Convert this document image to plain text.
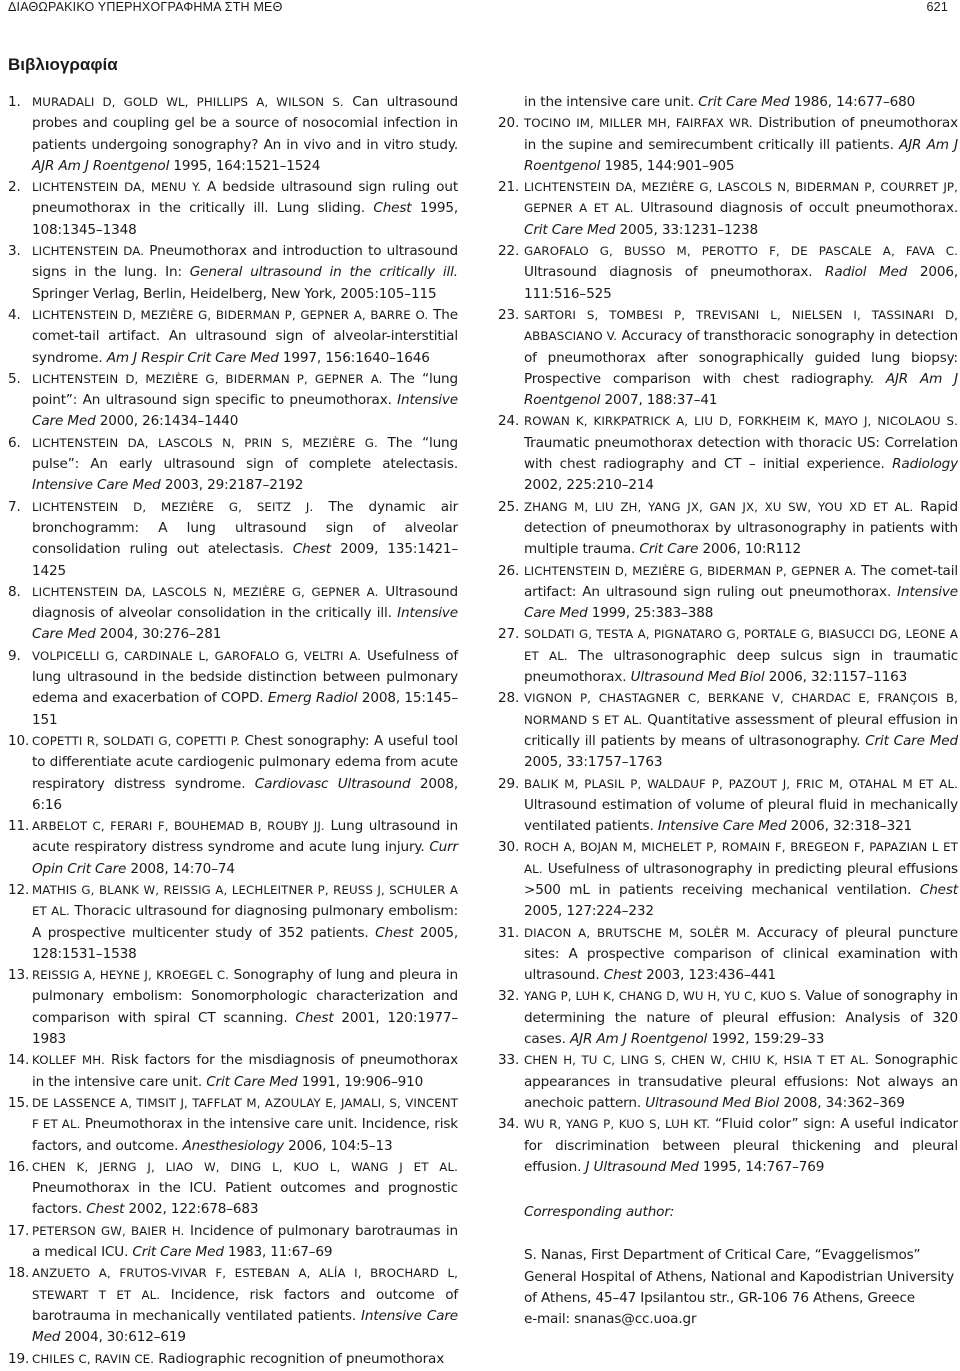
ΔΙΑΘΩΡΑΚΙΚΟ ΥΠΕΡΗΧΟΓΡΑΦΗΜΑ ΣΤΗ ΜΕΘ	621
Βιβλιογραφία
1. MURADALI D, GOLD WL, PHILLIPS A, WILSON S. Can ultrasound probes and coupling gel be a source of nosocomial infection in patients undergoing sonography? An in vivo and in vitro study. AJR Am J Roentgenol 1995, 164:1521–1524
2. LICHTENSTEIN DA, MENU Y. A bedside ultrasound sign ruling out pneumothorax in the critically ill. Lung sliding. Chest 1995, 108:1345–1348
3. LICHTENSTEIN DA. Pneumothorax and introduction to ultrasound signs in the lung. In: General ultrasound in the critically ill. Springer Verlag, Berlin, Heidelberg, New York, 2005:105–115
4. LICHTENSTEIN D, MEZIÈRE G, BIDERMAN P, GEPNER A, BARRE O. The comet-tail artifact. An ultrasound sign of alveolar-interstitial syndrome. Am J Respir Crit Care Med 1997, 156:1640–1646
5. LICHTENSTEIN D, MEZIÈRE G, BIDERMAN P, GEPNER A. The “lung point”: An ultrasound sign specific to pneumothorax. Intensive Care Med 2000, 26:1434–1440
6. LICHTENSTEIN DA, LASCOLS N, PRIN S, MEZIÈRE G. The “lung pulse”: An early ultrasound sign of complete atelectasis. Intensive Care Med 2003, 29:2187–2192
7. LICHTENSTEIN D, MEZIÈRE G, SEITZ J. The dynamic air bronchogramm: A lung ultrasound sign of alveolar consolidation ruling out atelectasis. Chest 2009, 135:1421–1425
8. LICHTENSTEIN DA, LASCOLS N, MEZIÈRE G, GEPNER A. Ultrasound diagnosis of alveolar consolidation in the critically ill. Intensive Care Med 2004, 30:276–281
9. VOLPICELLI G, CARDINALE L, GAROFALO G, VELTRI A. Usefulness of lung ultrasound in the bedside distinction between pulmonary edema and exacerbation of COPD. Emerg Radiol 2008, 15:145–151
10. COPETTI R, SOLDATI G, COPETTI P. Chest sonography: A useful tool to differentiate acute cardiogenic pulmonary edema from acute respiratory distress syndrome. Cardiovasc Ultrasound 2008, 6:16
11. ARBELOT C, FERARI F, BOUHEMAD B, ROUBY JJ. Lung ultrasound in acute respiratory distress syndrome and acute lung injury. Curr Opin Crit Care 2008, 14:70–74
12. MATHIS G, BLANK W, REISSIG A, LECHLEITNER P, REUSS J, SCHULER A ET AL. Thoracic ultrasound for diagnosing pulmonary embolism: A prospective multicenter study of 352 patients. Chest 2005, 128:1531–1538
13. REISSIG A, HEYNE J, KROEGEL C. Sonography of lung and pleura in pulmonary embolism: Sonomorphologic characterization and comparison with spiral CT scanning. Chest 2001, 120:1977–1983
14. KOLLEF MH. Risk factors for the misdiagnosis of pneumothorax in the intensive care unit. Crit Care Med 1991, 19:906–910
15. DE LASSENCE A, TIMSIT J, TAFFLAT M, AZOULAY E, JAMALI, S, VINCENT F ET AL. Pneumothorax in the intensive care unit. Incidence, risk factors, and outcome. Anesthesiology 2006, 104:5–13
16. CHEN K, JERNG J, LIAO W, DING L, KUO L, WANG J ET AL. Pneumothorax in the ICU. Patient outcomes and prognostic factors. Chest 2002, 122:678–683
17. PETERSON GW, BAIER H. Incidence of pulmonary barotraumas in a medical ICU. Crit Care Med 1983, 11:67–69
18. ANZUETO A, FRUTOS-VIVAR F, ESTEBAN A, ALÍA I, BROCHARD L, STEWART T ET AL. Incidence, risk factors and outcome of barotrauma in mechanically ventilated patients. Intensive Care Med 2004, 30:612–619
19. CHILES C, RAVIN CE. Radiographic recognition of pneumothorax
in the intensive care unit. Crit Care Med 1986, 14:677–680
20. TOCINO IM, MILLER MH, FAIRFAX WR. Distribution of pneumothorax in the supine and semirecumbent critically ill patients. AJR Am J Roentgenol 1985, 144:901–905
21. LICHTENSTEIN DA, MEZIÈRE G, LASCOLS N, BIDERMAN P, COURRET JP, GEPNER A ET AL. Ultrasound diagnosis of occult pneumothorax. Crit Care Med 2005, 33:1231–1238
22. GAROFALO G, BUSSO M, PEROTTO F, DE PASCALE A, FAVA C. Ultrasound diagnosis of pneumothorax. Radiol Med 2006, 111:516–525
23. SARTORI S, TOMBESI P, TREVISANI L, NIELSEN I, TASSINARI D, ABBASCIANO V. Accuracy of transthoracic sonography in detection of pneumothorax after sonographically guided lung biopsy: Prospective comparison with chest radiography. AJR Am J Roentgenol 2007, 188:37–41
24. ROWAN K, KIRKPATRICK A, LIU D, FORKHEIM K, MAYO J, NICOLAOU S. Traumatic pneumothorax detection with thoracic US: Correlation with chest radiography and CT – initial experience. Radiology 2002, 225:210–214
25. ZHANG M, LIU ZH, YANG JX, GAN JX, XU SW, YOU XD ET AL. Rapid detection of pneumothorax by ultrasonography in patients with multiple trauma. Crit Care 2006, 10:R112
26. LICHTENSTEIN D, MEZIÈRE G, BIDERMAN P, GEPNER A. The comet-tail artifact: An ultrasound sign ruling out pneumothorax. Intensive Care Med 1999, 25:383–388
27. SOLDATI G, TESTA A, PIGNATARO G, PORTALE G, BIASUCCI DG, LEONE A ET AL. The ultrasonographic deep sulcus sign in traumatic pneumothorax. Ultrasound Med Biol 2006, 32:1157–1163
28. VIGNON P, CHASTAGNER C, BERKANE V, CHARDAC E, FRANÇOIS B, NORMAND S ET AL. Quantitative assessment of pleural effusion in critically ill patients by means of ultrasonography. Crit Care Med 2005, 33:1757–1763
29. BALIK M, PLASIL P, WALDAUF P, PAZOUT J, FRIC M, OTAHAL M ET AL. Ultrasound estimation of volume of pleural fluid in mechanically ventilated patients. Intensive Care Med 2006, 32:318–321
30. ROCH A, BOJAN M, MICHELET P, ROMAIN F, BREGEON F, PAPAZIAN L ET AL. Usefulness of ultrasonography in predicting pleural effusions >500 mL in patients receiving mechanical ventilation. Chest 2005, 127:224–232
31. DIACON A, BRUTSCHE M, SOLÈR M. Accuracy of pleural puncture sites: A prospective comparison of clinical examination with ultrasound. Chest 2003, 123:436–441
32. YANG P, LUH K, CHANG D, WU H, YU C, KUO S. Value of sonography in determining the nature of pleural effusion: Analysis of 320 cases. AJR Am J Roentgenol 1992, 159:29–33
33. CHEN H, TU C, LING S, CHEN W, CHIU K, HSIA T ET AL. Sonographic appearances in transudative pleural effusions: Not always an anechoic pattern. Ultrasound Med Biol 2008, 34:362–369
34. WU R, YANG P, KUO S, LUH KT. “Fluid color” sign: A useful indicator for discrimination between pleural thickening and pleural effusion. J Ultrasound Med 1995, 14:767–769
Corresponding author:
S. Nanas, First Department of Critical Care, “Evaggelismos” General Hospital of Athens, National and Kapodistrian University of Athens, 45–47 Ipsilantou str., GR-106 76 Athens, Greece
e-mail: snanas@cc.uoa.gr
